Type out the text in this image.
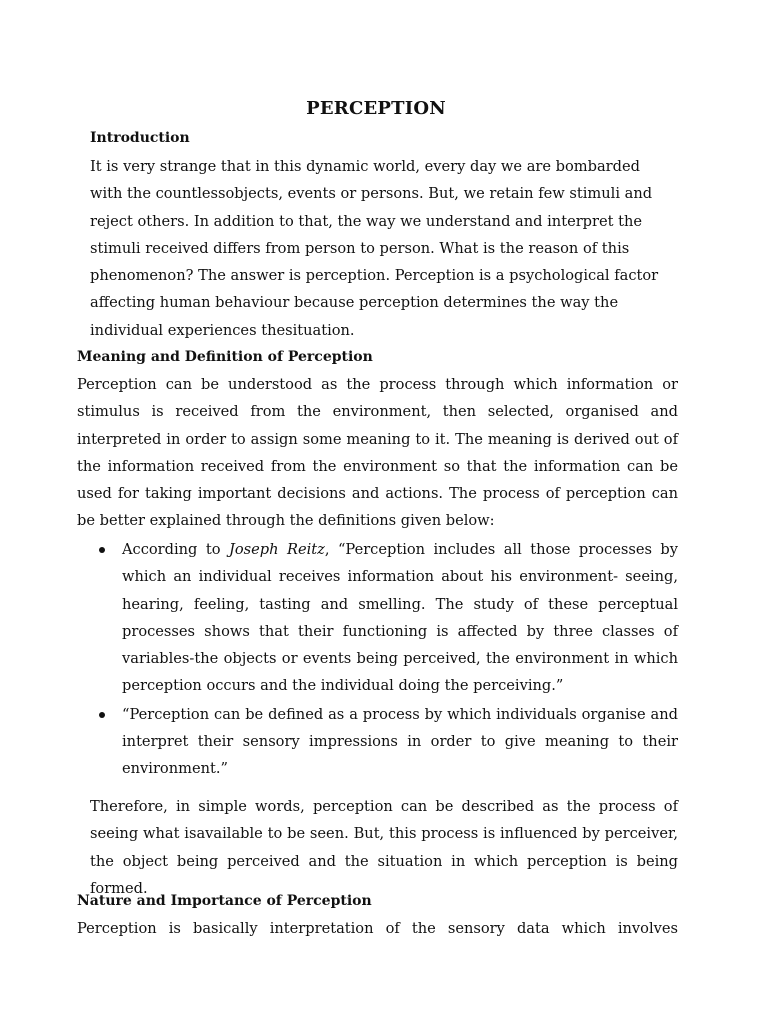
PERCEPTION
Introduction

It is very strange that in this dynamic world, every day we are bombarded with the countlessobjects, events or persons. But, we retain few stimuli and reject others. In addition to that, the way we understand and interpret the stimuli received differs from person to person. What is the reason of this phenomenon? The answer is perception. Perception is a psychological factor affecting human behaviour because perception determines the way the individual experiences thesituation.

Meaning and Definition of Perception

Perception can be understood as the process through which information or stimulus is received from the environment, then selected, organised and interpreted in order to assign some meaning to it. The meaning is derived out of the information received from the environment so that the information can be used for taking important decisions and actions. The process of perception can be better explained through the definitions given below:

According to Joseph Reitz, “Perception includes all those processes by which an individual receives information about his environment- seeing, hearing, feeling, tasting and smelling. The study of these perceptual processes shows that their functioning is affected by three classes of variables-the objects or events being perceived, the environment in which perception occurs and the individual doing the perceiving.”
“Perception can be defined as a process by which individuals organise and interpret their sensory impressions in order to give meaning to their environment.”

Therefore, in simple words, perception can be described as the process of seeing what isavailable to be seen. But, this process is influenced by perceiver, the object being perceived and the situation in which perception is being formed.

Nature and Importance of Perception

Perception is basically interpretation of the sensory data which involves
